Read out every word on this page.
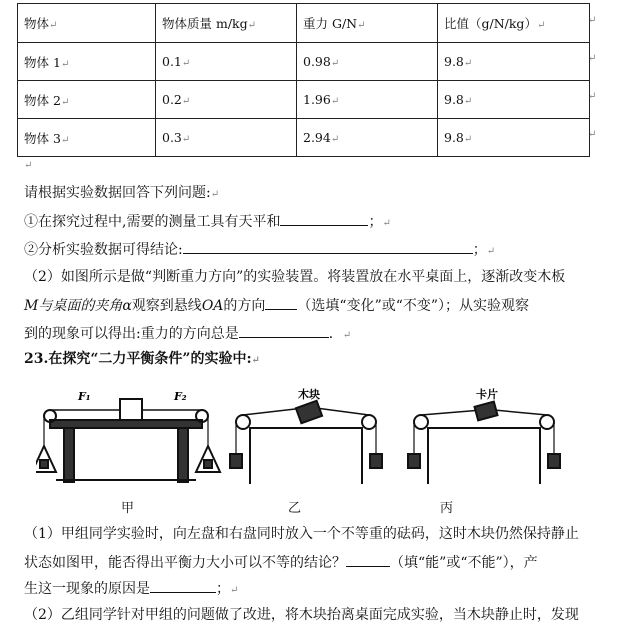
物体↵	物体质量 m/kg↵	重力 G/N↵	比值（g/N/kg）↵
物体 1↵	0.1↵	0.98↵	9.8↵
物体 2↵	0.2↵	1.96↵	9.8↵
物体 3↵	0.3↵	2.94↵	9.8↵
↵
↵
↵
↵
↵
请根据实验数据回答下列问题:↵
①在探究过程中,需要的测量工具有天平和	；↵
②分析实验数据可得结论:	；↵
（2）如图所示是做“判断重力方向”的实验装置。将装置放在水平桌面上，逐渐改变木板
M与桌面的夹角α观察到悬线OA的方向 （选填“变化”或“不变”）；从实验观察
到的现象可以得出:重力的方向总是	．↵
23.在探究“二力平衡条件”的实验中:↵
F₁	F₂	木块	卡片
甲	乙	丙
（1）甲组同学实验时，向左盘和右盘同时放入一个不等重的砝码，这时木块仍然保持静止
状态如图甲，能否得出平衡力大小可以不等的结论？	（填“能”或“不能”），产
生这一现象的原因是	；↵
（2）乙组同学针对甲组的问题做了改进，将木块抬离桌面完成实验，当木块静止时，发现
